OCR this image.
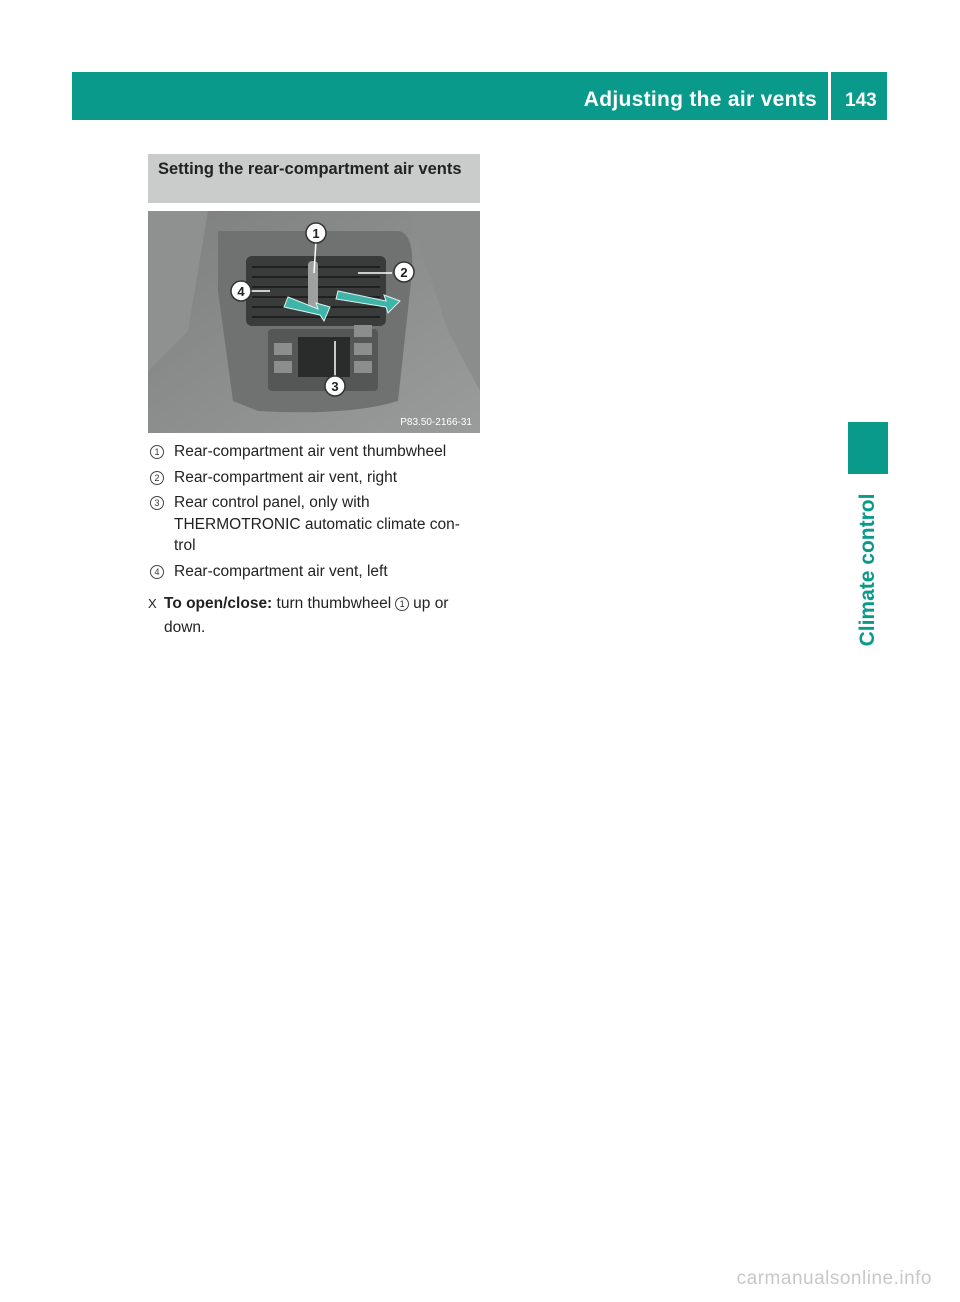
Adjusting the air vents 143
Climate control
Setting the rear-compartment air vents
1
2
3
4
P83.50-2166-31
1 Rear-compartment air vent thumbwheel
2 Rear-compartment air vent, right
3 Rear control panel, only with THERMOTRONIC automatic climate con-trol
4 Rear-compartment air vent, left
X To open/close: turn thumbwheel 1 up or down.
carmanualsonline.info
